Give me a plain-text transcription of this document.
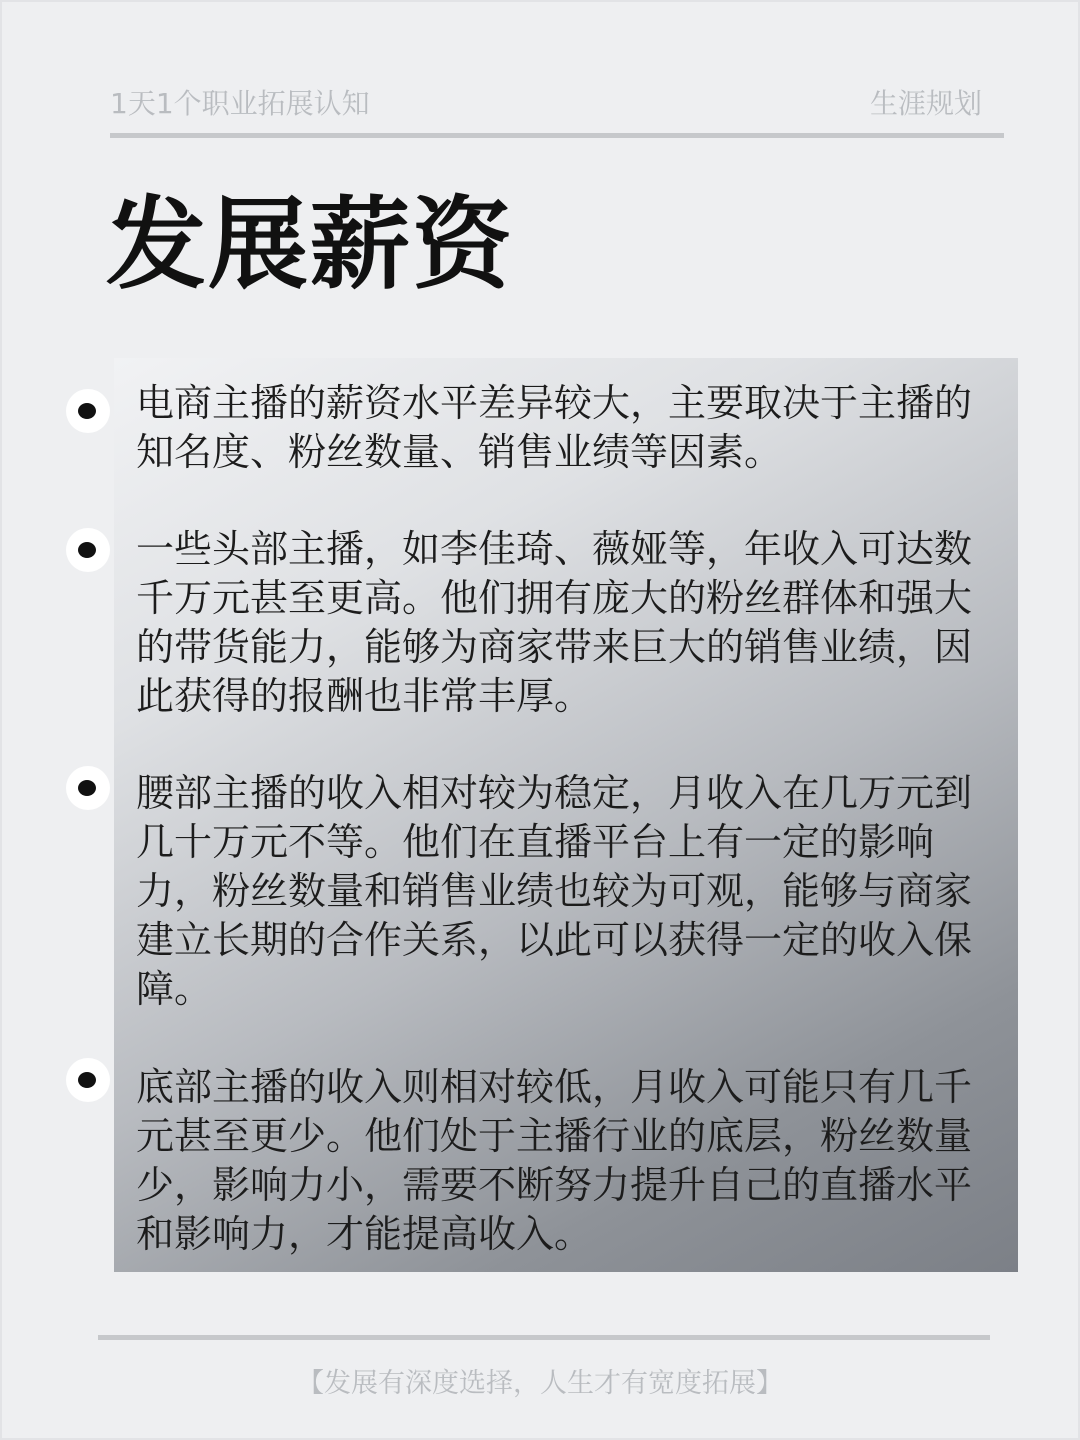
1天1个职业拓展认知	生涯规划
发展薪资

电商主播的薪资水平差异较大，主要取决于主播的知名度、粉丝数量、销售业绩等因素。

一些头部主播，如李佳琦、薇娅等，年收入可达数千万元甚至更高。他们拥有庞大的粉丝群体和强大的带货能力，能够为商家带来巨大的销售业绩，因此获得的报酬也非常丰厚。

腰部主播的收入相对较为稳定，月收入在几万元到几十万元不等。他们在直播平台上有一定的影响力，粉丝数量和销售业绩也较为可观，能够与商家建立长期的合作关系，以此可以获得一定的收入保障。

底部主播的收入则相对较低，月收入可能只有几千元甚至更少。他们处于主播行业的底层，粉丝数量少，影响力小，需要不断努力提升自己的直播水平和影响力，才能提高收入。

【发展有深度选择，人生才有宽度拓展】
